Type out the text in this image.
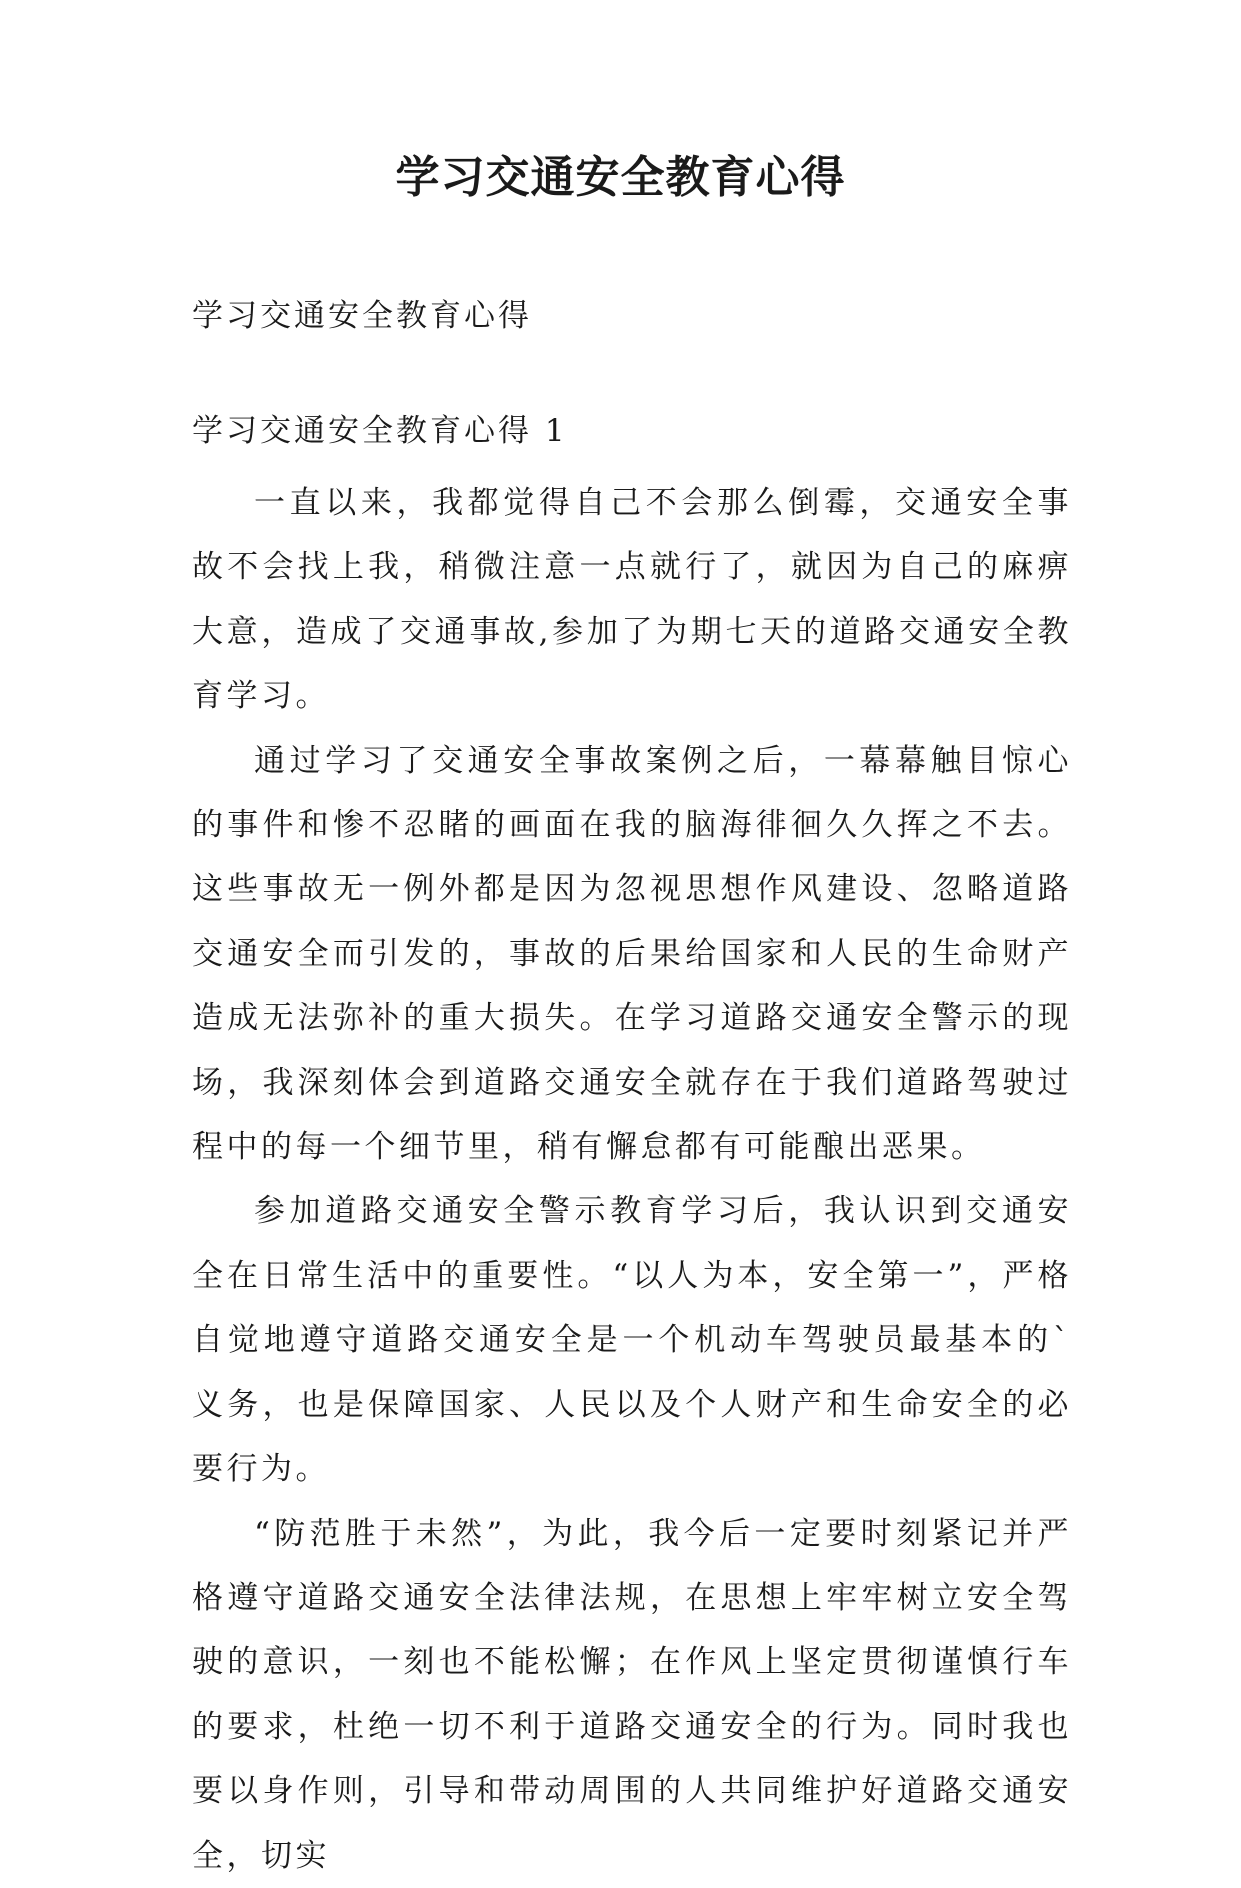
学习交通安全教育心得

学习交通安全教育心得

学习交通安全教育心得 1

一直以来，我都觉得自己不会那么倒霉，交通安全事故不会找上我，稍微注意一点就行了，就因为自己的麻痹大意，造成了交通事故,参加了为期七天的道路交通安全教育学习。

通过学习了交通安全事故案例之后，一幕幕触目惊心的事件和惨不忍睹的画面在我的脑海徘徊久久挥之不去。这些事故无一例外都是因为忽视思想作风建设、忽略道路交通安全而引发的，事故的后果给国家和人民的生命财产造成无法弥补的重大损失。在学习道路交通安全警示的现场，我深刻体会到道路交通安全就存在于我们道路驾驶过程中的每一个细节里，稍有懈怠都有可能酿出恶果。

参加道路交通安全警示教育学习后，我认识到交通安全在日常生活中的重要性。“以人为本，安全第一”，严格自觉地遵守道路交通安全是一个机动车驾驶员最基本的`义务，也是保障国家、人民以及个人财产和生命安全的必要行为。

“防范胜于未然”，为此，我今后一定要时刻紧记并严格遵守道路交通安全法律法规，在思想上牢牢树立安全驾驶的意识，一刻也不能松懈；在作风上坚定贯彻谨慎行车的要求，杜绝一切不利于道路交通安全的行为。同时我也要以身作则，引导和带动周围的人共同维护好道路交通安全，切实
